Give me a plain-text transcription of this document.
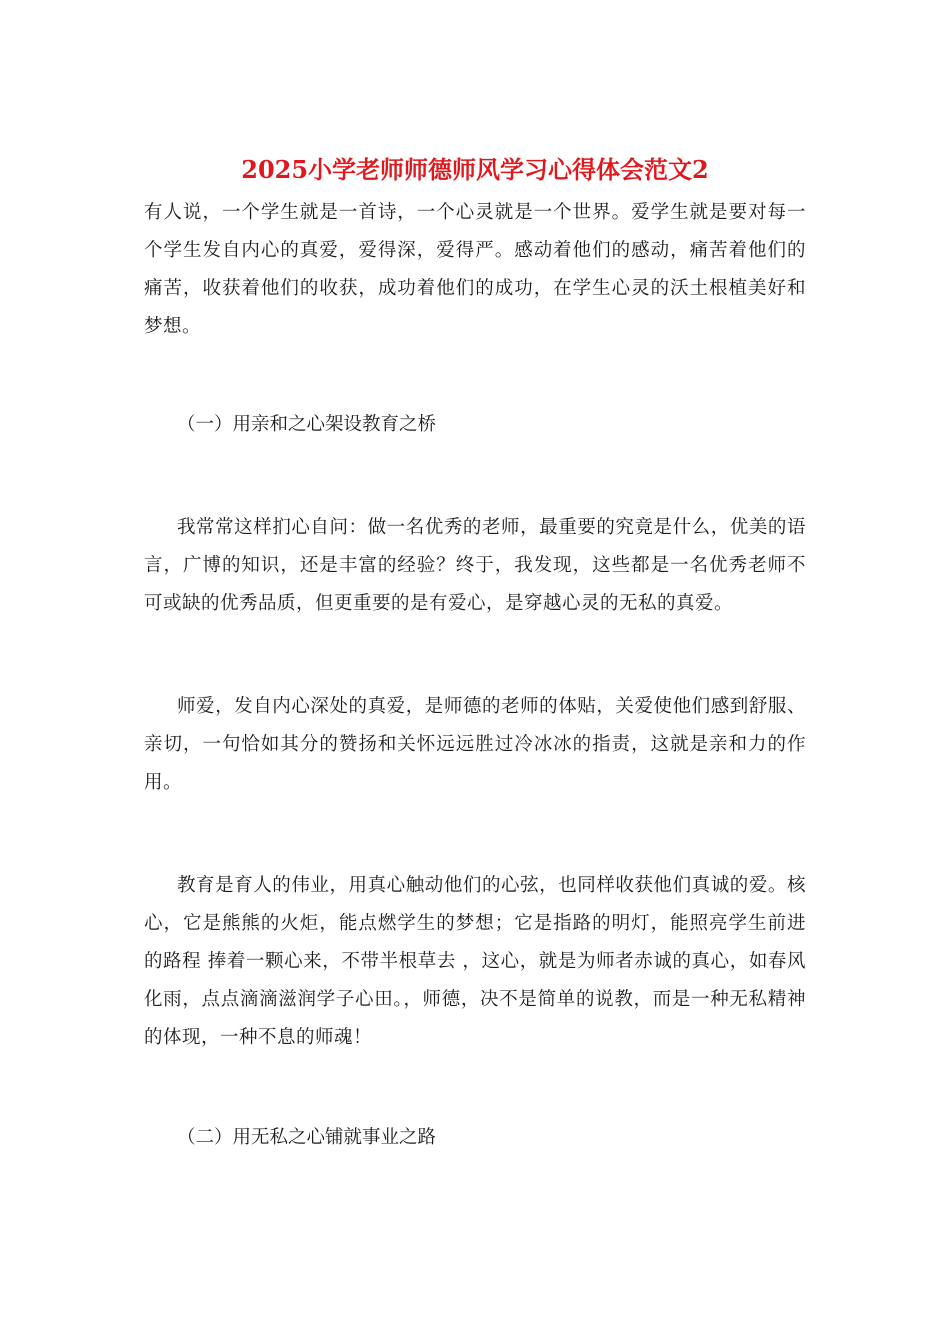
2025小学老师师德师风学习心得体会范文2

有人说，一个学生就是一首诗，一个心灵就是一个世界。爱学生就是要对每一个学生发自内心的真爱，爱得深，爱得严。感动着他们的感动，痛苦着他们的痛苦，收获着他们的收获，成功着他们的成功，在学生心灵的沃土根植美好和梦想。

（一）用亲和之心架设教育之桥

我常常这样扪心自问：做一名优秀的老师，最重要的究竟是什么，优美的语言，广博的知识，还是丰富的经验？终于，我发现，这些都是一名优秀老师不可或缺的优秀品质，但更重要的是有爱心，是穿越心灵的无私的真爱。

师爱，发自内心深处的真爱，是师德的老师的体贴，关爱使他们感到舒服、亲切，一句恰如其分的赞扬和关怀远远胜过冷冰冰的指责，这就是亲和力的作用。

教育是育人的伟业，用真心触动他们的心弦，也同样收获他们真诚的爱。核心，它是熊熊的火炬，能点燃学生的梦想；它是指路的明灯，能照亮学生前进的路程 捧着一颗心来，不带半根草去 ，这心，就是为师者赤诚的真心，如春风化雨，点点滴滴滋润学子心田。，师德，决不是简单的说教，而是一种无私精神的体现，一种不息的师魂！

（二）用无私之心铺就事业之路
